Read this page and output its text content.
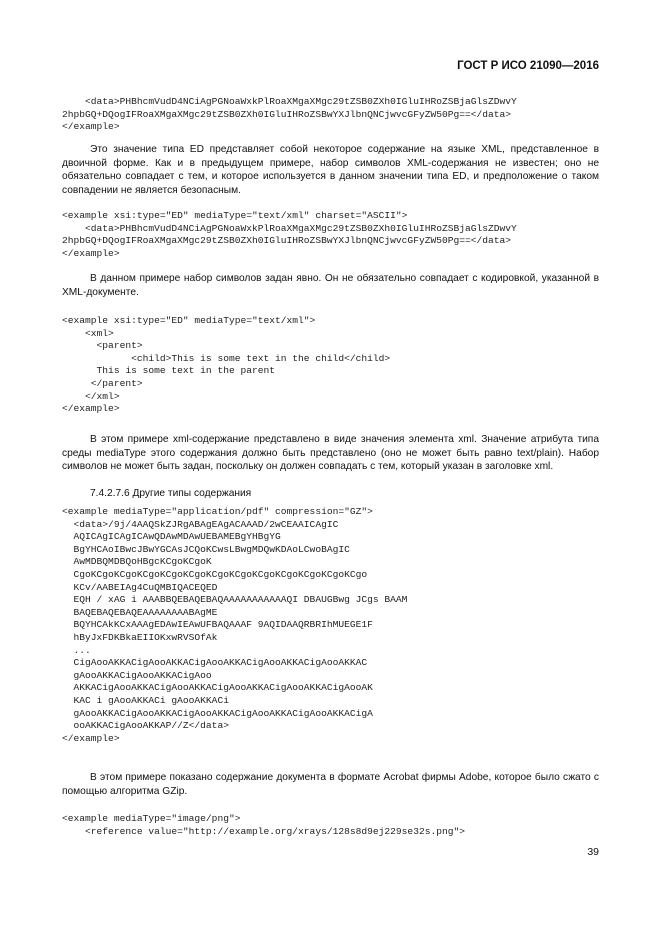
ГОСТ Р ИСО 21090—2016
<data>PHBhcmVudD4NCiAgPGNoaWxkPlRoaXMgaXMgc29tZSB0ZXh0IGluIHRoZSBjaGlsZDwvY
2hpbGQ+DQogIFRoaXMgaXMgc29tZSB0ZXh0IGluIHRoZSBwYXJlbnQNCjwvcGFyZW50Pg==</data>
</example>

Это значение типа ED представляет собой некоторое содержание на языке XML, представленное в двоичной форме. Как и в предыдущем примере, набор символов XML-содержания не известен; оно не обязательно совпадает с тем, и которое используется в данном значении типа ED, и предположение о таком совпадении не является безопасным.

<example xsi:type="ED" mediaType="text/xml" charset="ASCII">
<data>PHBhcmVudD4NCiAgPGNoaWxkPlRoaXMgaXMgc29tZSB0ZXh0IGluIHRoZSBjaGlsZDwvY
2hpbGQ+DQogIFRoaXMgaXMgc29tZSB0ZXh0IGluIHRoZSBwYXJlbnQNCjwvcGFyZW50Pg==</data>
</example>

В данном примере набор символов задан явно. Он не обязательно совпадает с кодировкой, указанной в XML-документе.

<example xsi:type="ED" mediaType="text/xml">
<xml>
<parent>
<child>This is some text in the child</child>
This is some text in the parent
</parent>
</xml>
</example>

В этом примере xml-содержание представлено в виде значения элемента xml. Значение атрибута типа среды mediaType этого содержания должно быть представлено (оно не может быть равно text/plain). Набор символов не может быть задан, поскольку он должен совпадать с тем, который указан в заголовке xml.

7.4.2.7.6 Другие типы содержания
<example mediaType="application/pdf" compression="GZ">
<data>/9j/4AAQSkZJRgABAgEAgACAAAD/2wCEAAICAgIC
AQICAgICAgICAwQDAwMDAwUEBAMEBgYHBgYG
BgYHCAoIBwcJBwYGCAsJCQoKCwsLBwgMDQwKDAoLCwoBAgIC
AwMDBQMDBQoHBgcKCgoKCgoK
CgoKCgoKCgoKCgoKCgoKCgoKCgoKCgoKCgoKCgoKCgoKCgoKCgo
KCv/AABEIAg4CuQMBIQACEQED
EQH / xAG i AAABBQEBAQEBAQAAAAAAAAAAAQI DBAUGBwg JCgs BAAM
BAQEBAQEBAQEAAAAAAAABAgME
BQYHCAkKCxAAAgEDAwIEAwUFBAQAAAF 9AQIDAAQRBRIhMUEGE1F
hByJxFDKBkaEIIOKxwRVSOfAk
...
CigAooAKKACigAooAKKACigAooAKKACigAooAKKACigAooAKKAC
gAooAKKACigAooAKKACigAoo
AKKACigAooAKKACigAooAKKACigAooAKKACigAooAKKACigAooAK
KAC i gAooAKKACi gAooAKKACi
gAooAKKACigAooAKKACigAooAKKACigAooAKKACigAooAKKACigA
ooAKKACigAooAKKAP//Z</data>
</example>

В этом примере показано содержание документа в формате Acrobat фирмы Adobe, которое было сжато с помощью алгоритма GZip.

<example mediaType="image/png">
<reference value="http://example.org/xrays/128s8d9ej229se32s.png">
39
